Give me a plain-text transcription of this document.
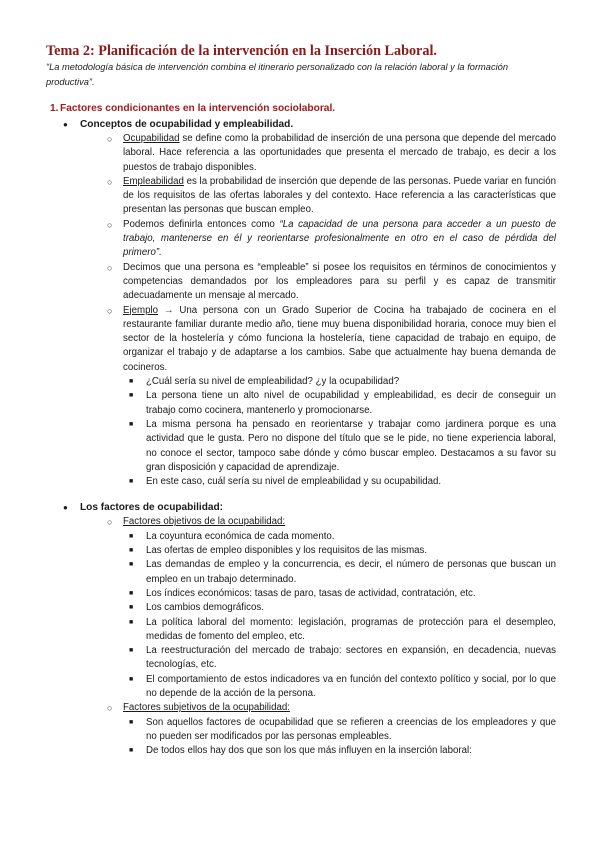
Tema 2: Planificación de la intervención en la Inserción Laboral.

“La metodología básica de intervención combina el itinerario personalizado con la relación laboral y la formación productiva”.

1. Factores condicionantes en la intervención sociolaboral.
● Conceptos de ocupabilidad y empleabilidad.
○ Ocupabilidad se define como la probabilidad de inserción de una persona que depende del mercado laboral. Hace referencia a las oportunidades que presenta el mercado de trabajo, es decir a los puestos de trabajo disponibles.
○ Empleabilidad es la probabilidad de inserción que depende de las personas. Puede variar en función de los requisitos de las ofertas laborales y del contexto. Hace referencia a las características que presentan las personas que buscan empleo.
○ Podemos definirla entonces como “La capacidad de una persona para acceder a un puesto de trabajo, mantenerse en él y reorientarse profesionalmente en otro en el caso de pérdida del primero”.
○ Decimos que una persona es “empleable” si posee los requisitos en términos de conocimientos y competencias demandados por los empleadores para su perfil y es capaz de transmitir adecuadamente un mensaje al mercado.
○ Ejemplo → Una persona con un Grado Superior de Cocina ha trabajado de cocinera en el restaurante familiar durante medio año, tiene muy buena disponibilidad horaria, conoce muy bien el sector de la hostelería y cómo funciona la hostelería, tiene capacidad de trabajo en equipo, de organizar el trabajo y de adaptarse a los cambios. Sabe que actualmente hay buena demanda de cocineros.
■ ¿Cuál sería su nivel de empleabilidad? ¿y la ocupabilidad?
■ La persona tiene un alto nivel de ocupabilidad y empleabilidad, es decir de conseguir un trabajo como cocinera, mantenerlo y promocionarse.
■ La misma persona ha pensado en reorientarse y trabajar como jardinera porque es una actividad que le gusta. Pero no dispone del título que se le pide, no tiene experiencia laboral, no conoce el sector, tampoco sabe dónde y cómo buscar empleo. Destacamos a su favor su gran disposición y capacidad de aprendizaje.
■ En este caso, cuál sería su nivel de empleabilidad y su ocupabilidad.
● Los factores de ocupabilidad:
○ Factores objetivos de la ocupabilidad:
■ La coyuntura económica de cada momento.
■ Las ofertas de empleo disponibles y los requisitos de las mismas.
■ Las demandas de empleo y la concurrencia, es decir, el número de personas que buscan un empleo en un trabajo determinado.
■ Los índices económicos: tasas de paro, tasas de actividad, contratación, etc.
■ Los cambios demográficos.
■ La política laboral del momento: legislación, programas de protección para el desempleo, medidas de fomento del empleo, etc.
■ La reestructuración del mercado de trabajo: sectores en expansión, en decadencia, nuevas tecnologías, etc.
■ El comportamiento de estos indicadores va en función del contexto político y social, por lo que no depende de la acción de la persona.
○ Factores subjetivos de la ocupabilidad:
■ Son aquellos factores de ocupabilidad que se refieren a creencias de los empleadores y que no pueden ser modificados por las personas empleables.
■ De todos ellos hay dos que son los que más influyen en la inserción laboral:
